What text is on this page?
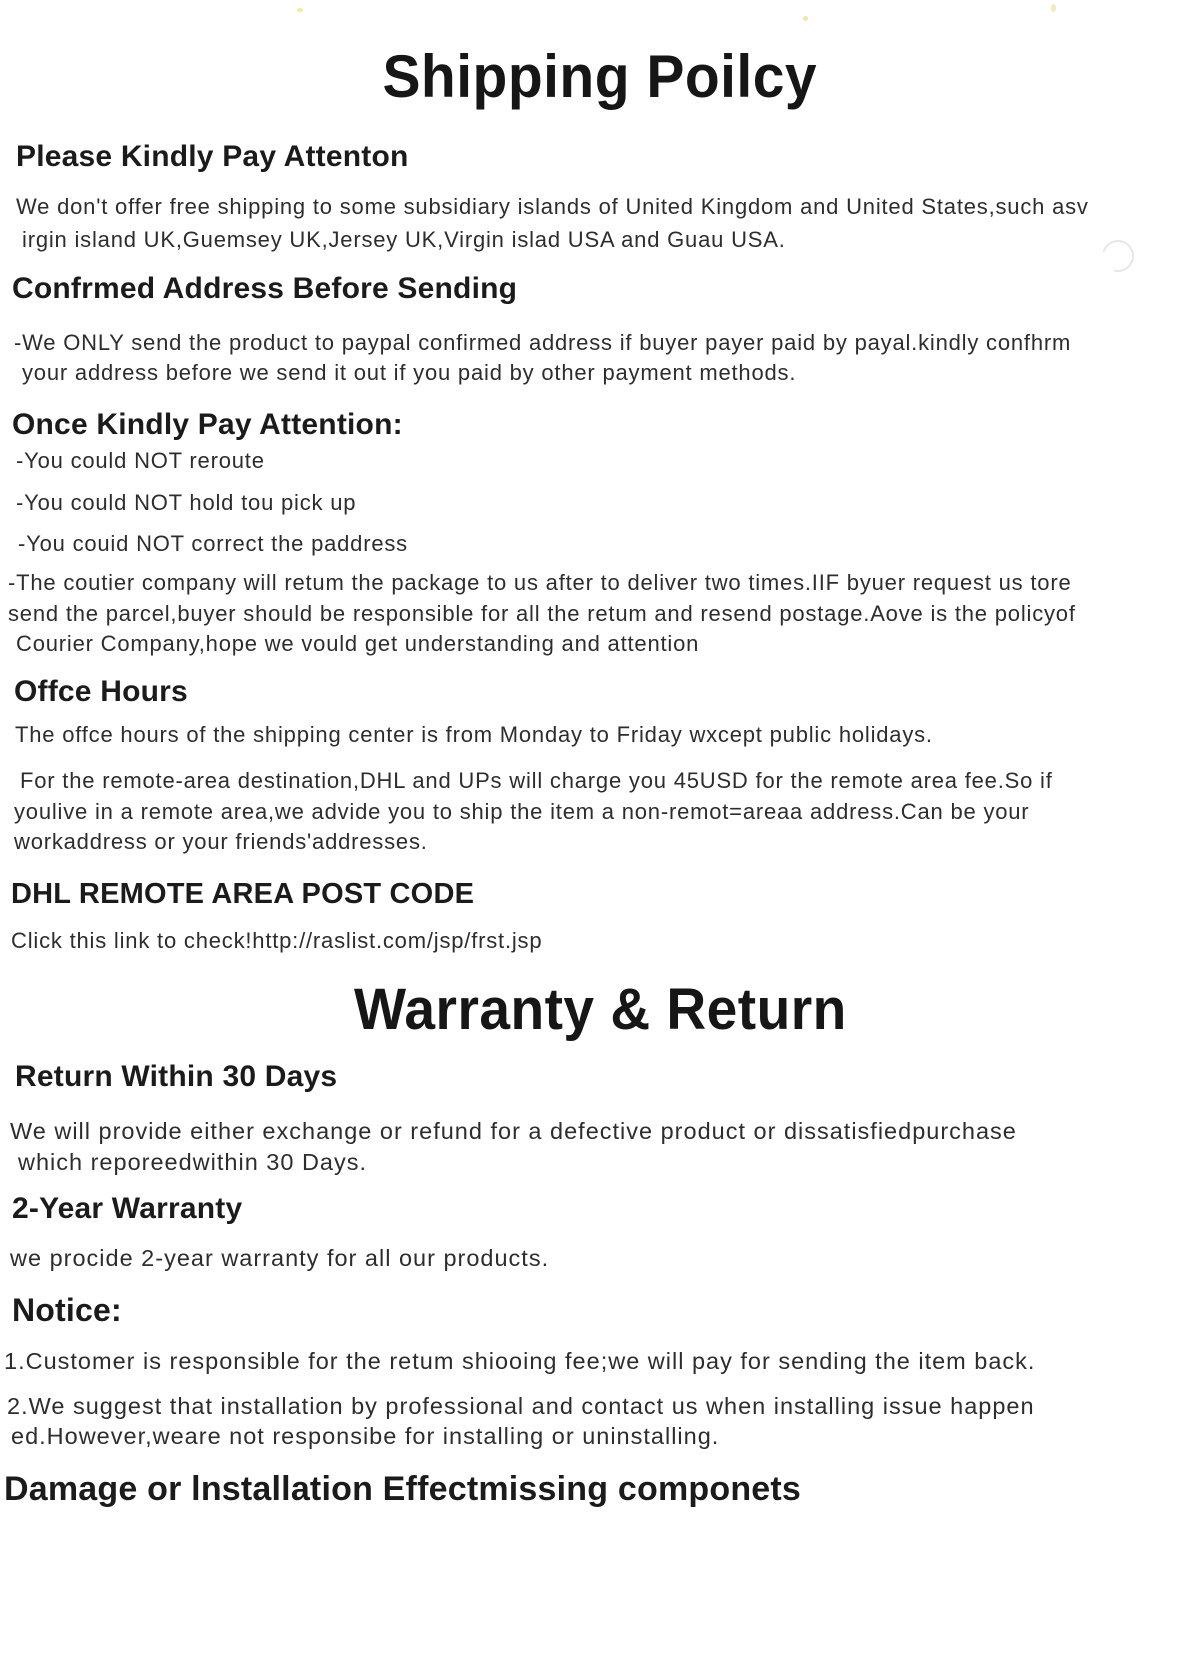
Shipping Poilcy
Please Kindly Pay Attenton
We don't offer free shipping to some subsidiary islands of United Kingdom and United States,such asv
irgin island UK,Guemsey UK,Jersey UK,Virgin islad USA and Guau USA.
Confrmed Address Before Sending
-We ONLY send the product to paypal confirmed address if buyer payer paid by payal.kindly confhrm
your address before we send it out if you paid by other payment methods.
Once Kindly Pay Attention:
-You could NOT reroute
-You could NOT hold tou pick up
-You couid NOT correct the paddress
-The coutier company will retum the package to us after to deliver two times.IIF byuer request us tore
send the parcel,buyer should be responsible for all the retum and resend postage.Aove is the policyof
Courier Company,hope we vould get understanding and attention
Offce Hours
The offce hours of the shipping center is from Monday to Friday wxcept public holidays.
For the remote-area destination,DHL and UPs will charge you 45USD for the remote area fee.So if
youlive in a remote area,we advide you to ship the item a non-remot=areaa address.Can be your
workaddress or your friends'addresses.
DHL REMOTE AREA POST CODE
Click this link to check!http://raslist.com/jsp/frst.jsp
Warranty & Return
Return Within 30 Days
We will provide either exchange or refund for a defective product or dissatisfiedpurchase
which reporeedwithin 30 Days.
2-Year Warranty
we procide 2-year warranty for all our products.
Notice:
1.Customer is responsible for the retum shiooing fee;we will pay for sending the item back.
2.We suggest that installation by professional and contact us when installing issue happen
ed.However,weare not responsibe for installing or uninstalling.
Damage or lnstallation Effectmissing componets
